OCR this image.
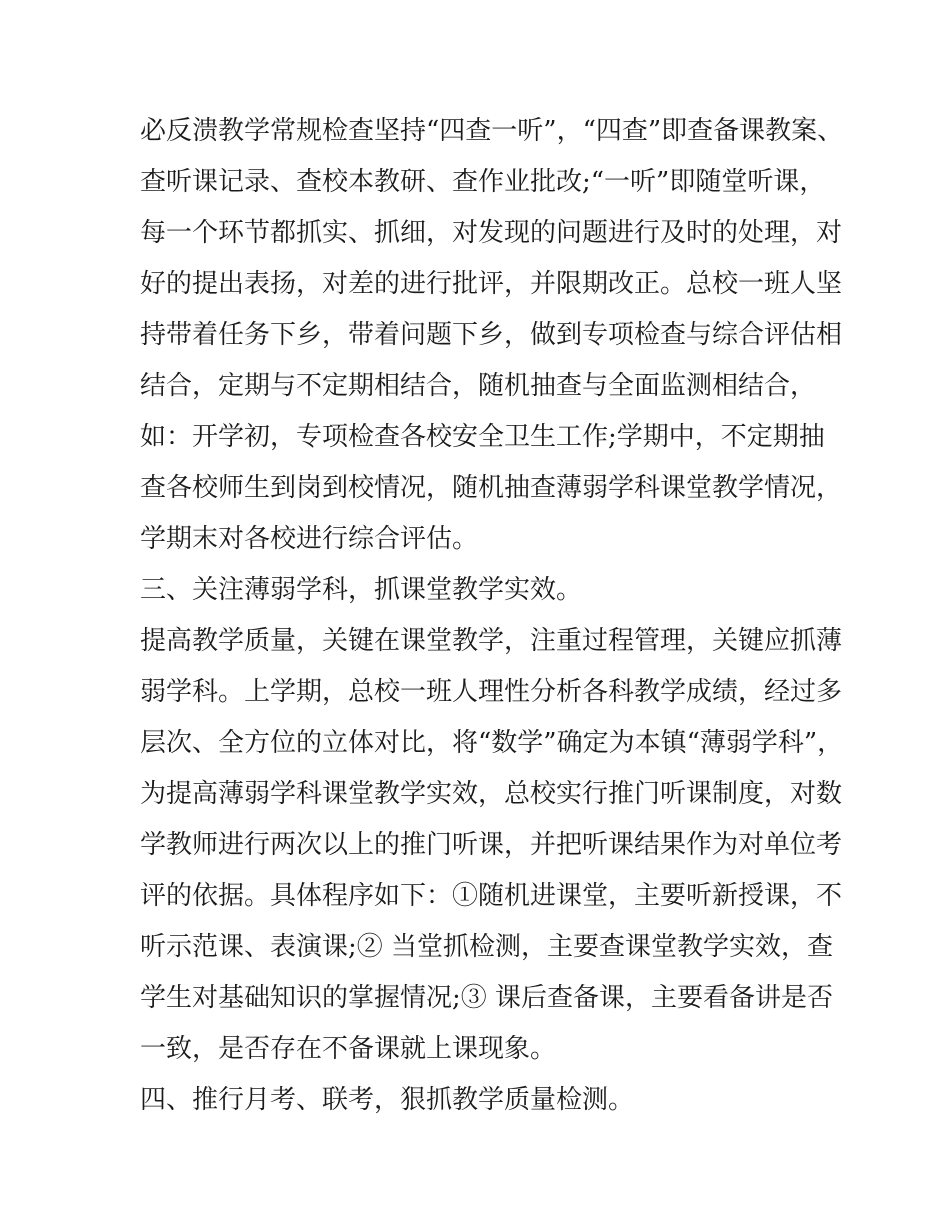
必反溃教学常规检查坚持“四查一听”，“四查”即查备课教案、
查听课记录、查校本教研、查作业批改;“一听”即随堂听课，
每一个环节都抓实、抓细，对发现的问题进行及时的处理，对
好的提出表扬，对差的进行批评，并限期改正。总校一班人坚
持带着任务下乡，带着问题下乡，做到专项检查与综合评估相
结合，定期与不定期相结合，随机抽查与全面监测相结合，
如：开学初，专项检查各校安全卫生工作;学期中，不定期抽
查各校师生到岗到校情况，随机抽查薄弱学科课堂教学情况，
学期末对各校进行综合评估。
三、关注薄弱学科，抓课堂教学实效。
提高教学质量，关键在课堂教学，注重过程管理，关键应抓薄
弱学科。上学期，总校一班人理性分析各科教学成绩，经过多
层次、全方位的立体对比，将“数学”确定为本镇“薄弱学科”，
为提高薄弱学科课堂教学实效，总校实行推门听课制度，对数
学教师进行两次以上的推门听课，并把听课结果作为对单位考
评的依据。具体程序如下：①随机进课堂，主要听新授课，不
听示范课、表演课;② 当堂抓检测，主要查课堂教学实效，查
学生对基础知识的掌握情况;③ 课后查备课，主要看备讲是否
一致，是否存在不备课就上课现象。
四、推行月考、联考，狠抓教学质量检测。
